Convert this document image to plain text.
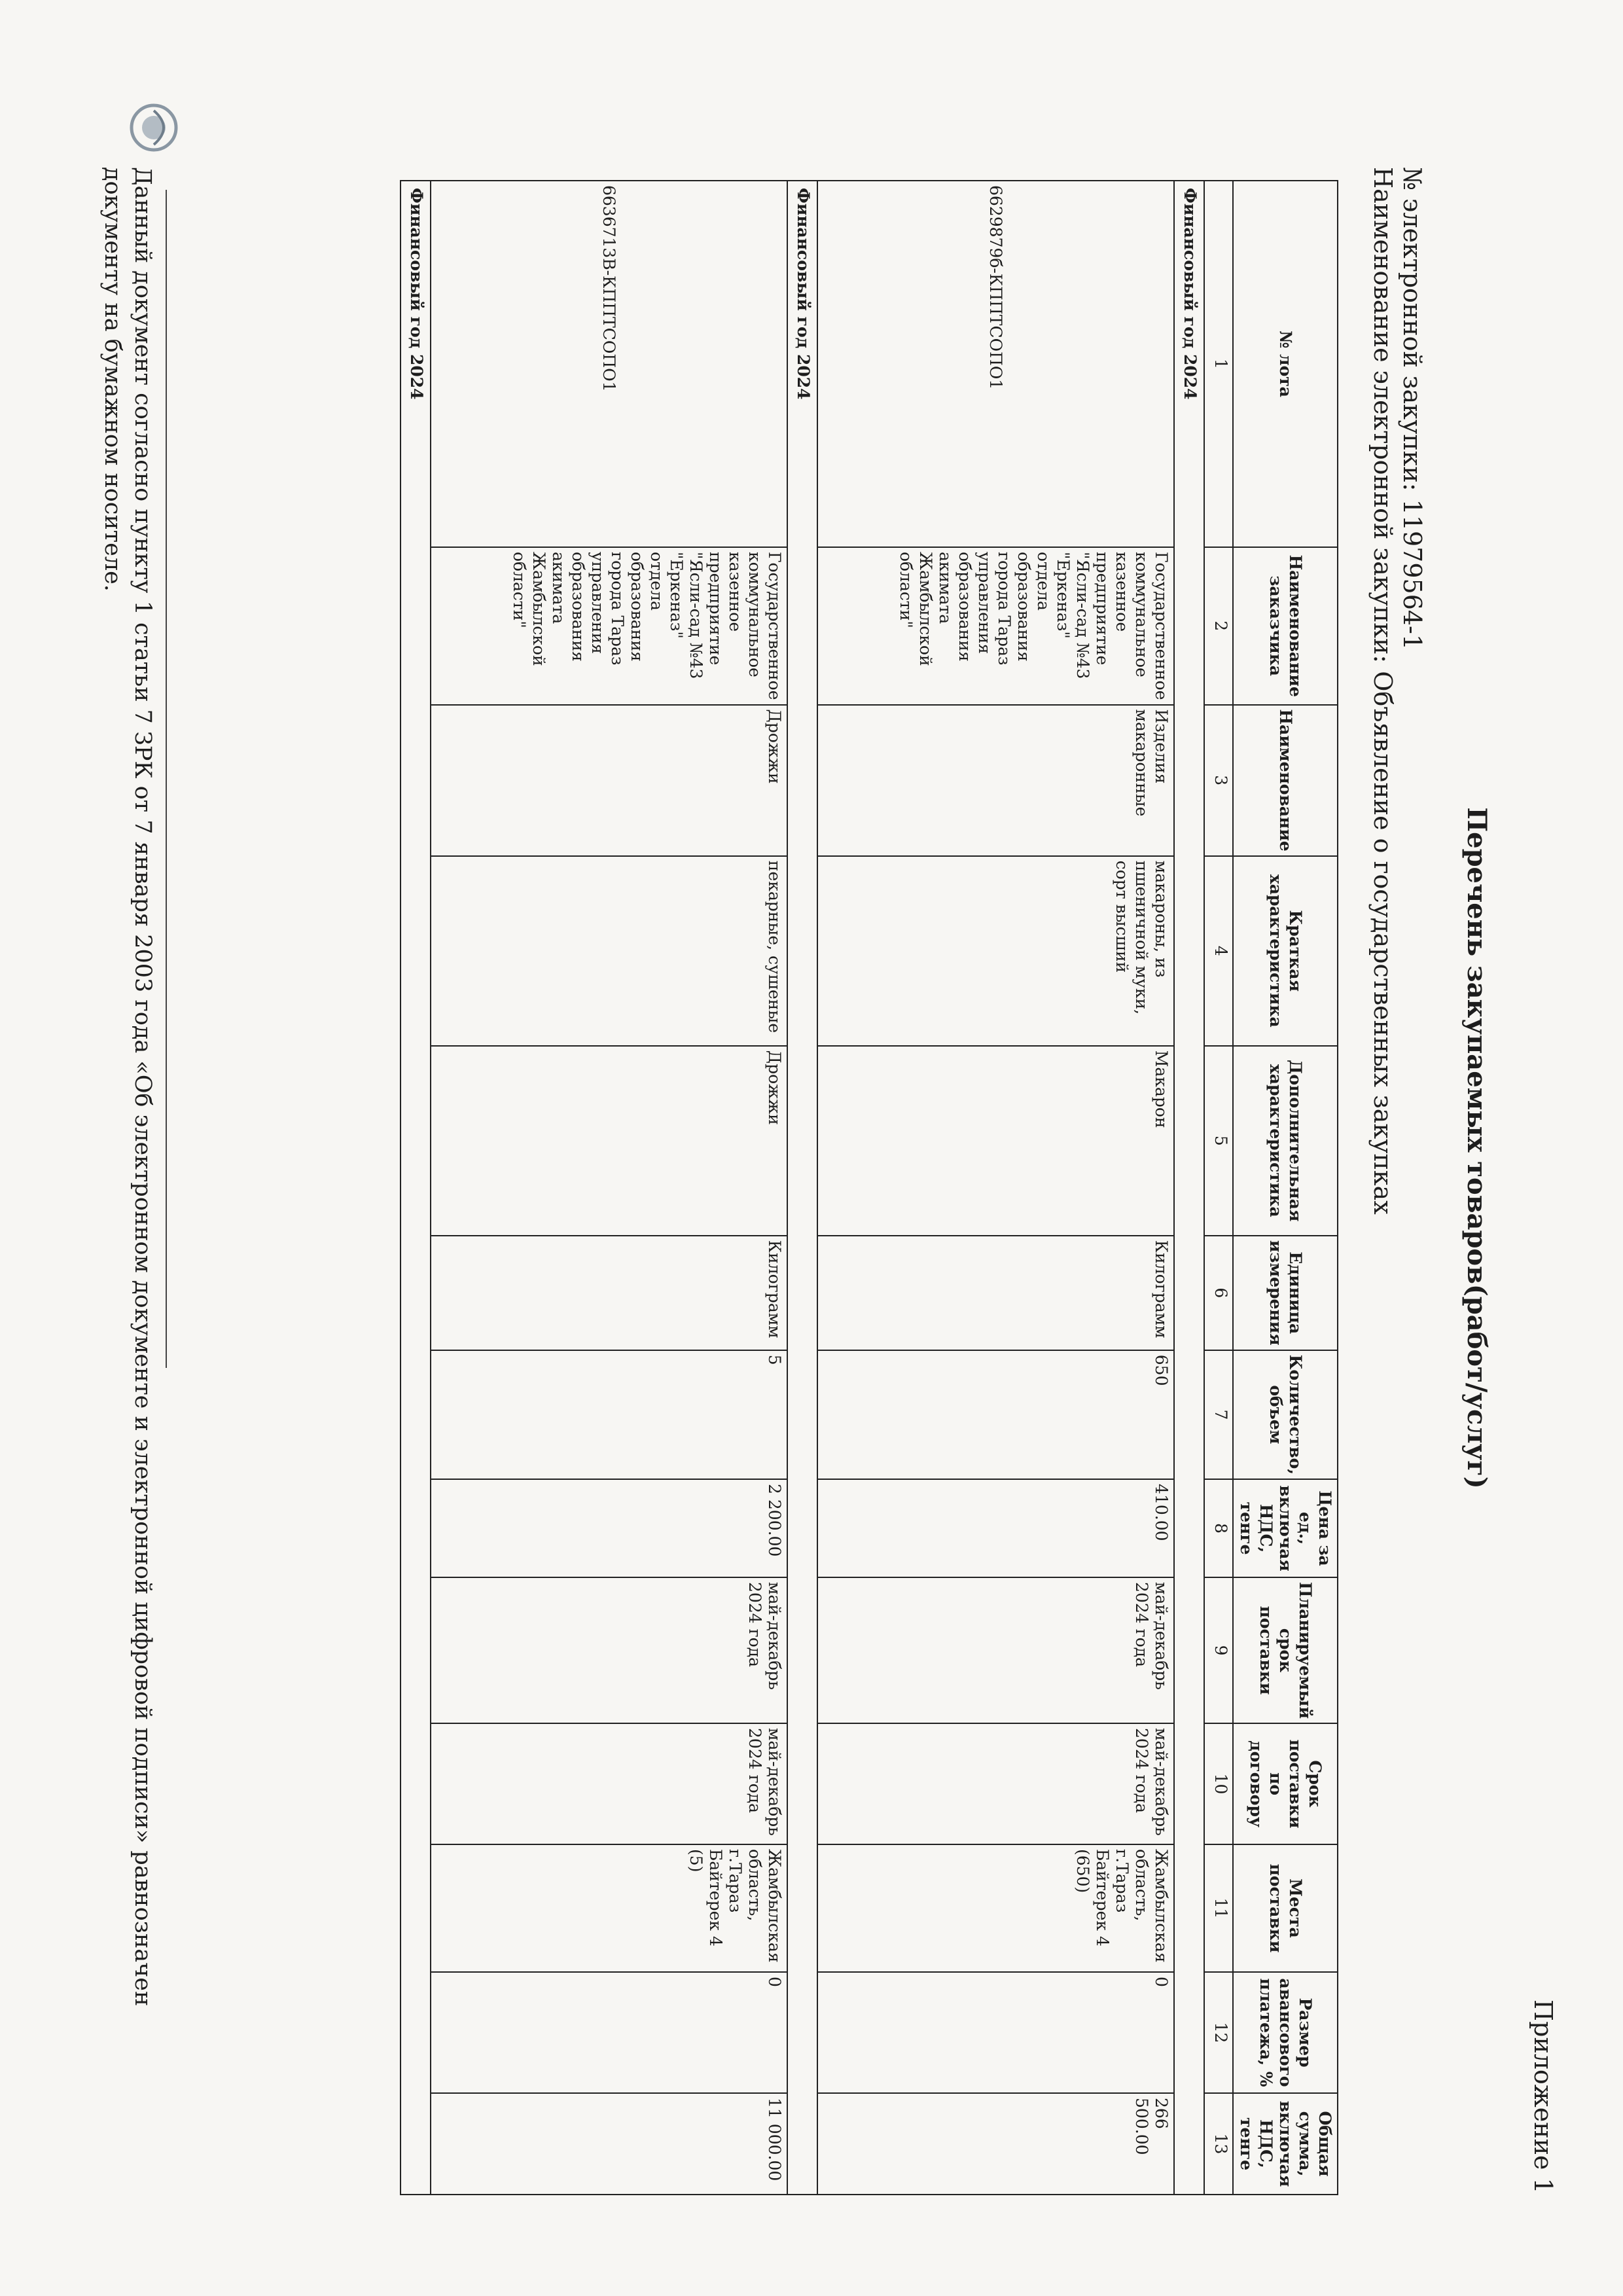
Приложение 1
Перечень закупаемых товаров(работ/услуг)
№ электронной закупки: 11979564-1
Наименование электронной закупки: Объявление о государственных закупках
№ лота	Наименование заказчика	Наименование	Краткая характеристика	Дополнительная характеристика	Единица измерения	Количество, объем	Цена за ед., включая НДС, тенге	Планируемый срок поставки	Срок поставки по договору	Места поставки	Размер авансового платежа, %	Общая сумма, включая НДС, тенге
1	2	3	4	5	6	7	8	9	10	11	12	13
Финансовый год 2024												
6629879б-КППТСОПО1	Государственное коммунальное казенное предприятие "Ясли-сад №43 "Еркеназ" отдела образования города Тараз управления образования акимата Жамбылской области"	Изделия макаронные	макароны, из пшеничной муки, сорт высший	Макарон	Килограмм	650	410.00	май-декабрь 2024 года	май-декабрь 2024 года	Жамбылская область, г.Тараз Байтерек 4 (650)	0	266 500.00
Финансовый год 2024												
6636713В-КППТСОПО1	Государственное коммунальное казенное предприятие "Ясли-сад №43 "Еркеназ" отдела образования города Тараз управления образования акимата Жамбылской области"	Дрожжи	пекарные, сушеные	Дрожжи	Килограмм	5	2 200.00	май-декабрь 2024 года	май-декабрь 2024 года	Жамбылская область, г.Тараз Байтерек 4 (5)	0	11 000.00
Финансовый год 2024												
Данный документ согласно пункту 1 статьи 7 ЗРК от 7 января 2003 года «Об электронном документе и электронной цифровой подписи» равнозначен документу на бумажном носителе.
